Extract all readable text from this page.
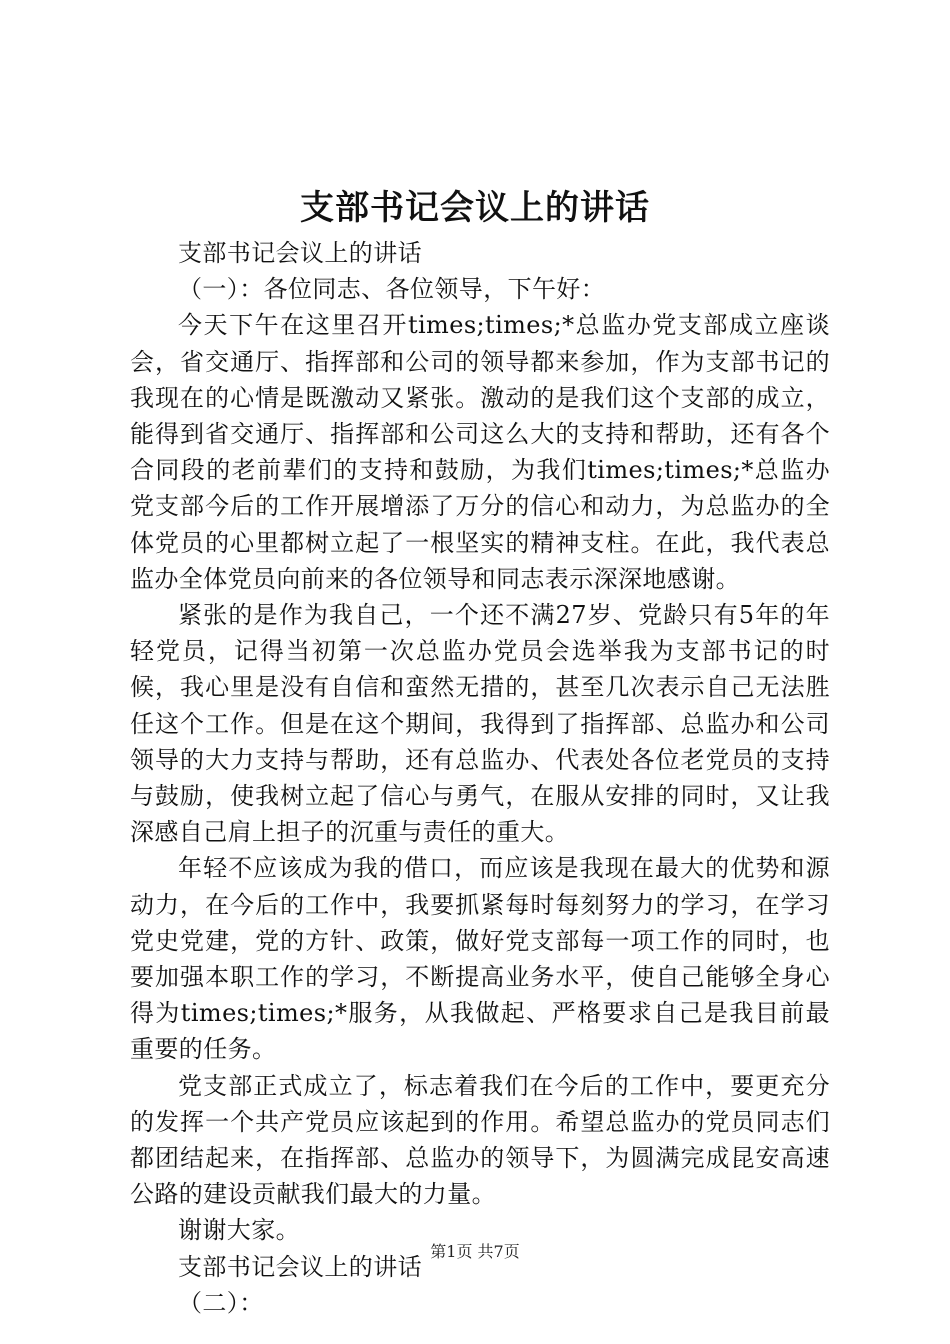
支部书记会议上的讲话

支部书记会议上的讲话

（一）：各位同志、各位领导，下午好：

今天下午在这里召开times;times;*总监办党支部成立座谈会，省交通厅、指挥部和公司的领导都来参加，作为支部书记的我现在的心情是既激动又紧张。激动的是我们这个支部的成立，能得到省交通厅、指挥部和公司这么大的支持和帮助，还有各个合同段的老前辈们的支持和鼓励，为我们times;times;*总监办党支部今后的工作开展增添了万分的信心和动力，为总监办的全体党员的心里都树立起了一根坚实的精神支柱。在此，我代表总监办全体党员向前来的各位领导和同志表示深深地感谢。

紧张的是作为我自己，一个还不满27岁、党龄只有5年的年轻党员，记得当初第一次总监办党员会选举我为支部书记的时候，我心里是没有自信和蛮然无措的，甚至几次表示自己无法胜任这个工作。但是在这个期间，我得到了指挥部、总监办和公司领导的大力支持与帮助，还有总监办、代表处各位老党员的支持与鼓励，使我树立起了信心与勇气，在服从安排的同时，又让我深感自己肩上担子的沉重与责任的重大。

年轻不应该成为我的借口，而应该是我现在最大的优势和源动力，在今后的工作中，我要抓紧每时每刻努力的学习，在学习党史党建，党的方针、政策，做好党支部每一项工作的同时，也要加强本职工作的学习，不断提高业务水平，使自己能够全身心得为times;times;*服务，从我做起、严格要求自己是我目前最重要的任务。

党支部正式成立了，标志着我们在今后的工作中，要更充分的发挥一个共产党员应该起到的作用。希望总监办的党员同志们都团结起来，在指挥部、总监办的领导下，为圆满完成昆安高速公路的建设贡献我们最大的力量。

谢谢大家。

支部书记会议上的讲话

（二）：

第1页 共7页
